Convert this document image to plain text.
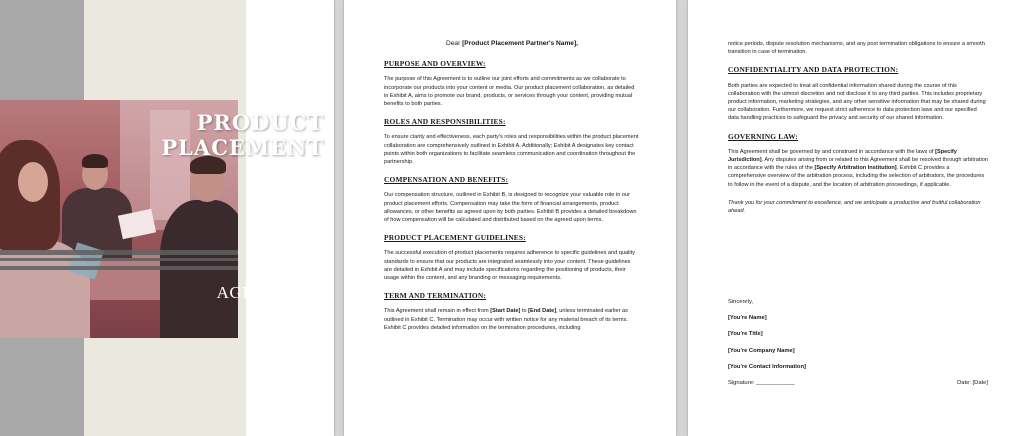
PRODUCT
PLACEMENT
AGREEMENT
Dear [Product Placement Partner's Name],
PURPOSE AND OVERVIEW:
The purpose of this Agreement is to outline our joint efforts and commitments as we collaborate to incorporate our products into your content or media. Our product placement collaboration, as detailed in Exhibit A, aims to promote our brand, products, or services through your content, providing mutual benefits to both parties.
ROLES AND RESPONSIBILITIES:
To ensure clarity and effectiveness, each party's roles and responsibilities within the product placement collaboration are comprehensively outlined in Exhibit A. Additionally; Exhibit A designates key contact points within both organizations to facilitate seamless communication and coordination throughout the partnership.
COMPENSATION AND BENEFITS:
Our compensation structure, outlined in Exhibit B, is designed to recognize your valuable role in our product placement efforts. Compensation may take the form of financial arrangements, product allowances, or other benefits as agreed upon by both parties. Exhibit B provides a detailed breakdown of how compensation will be calculated and distributed based on the agreed upon terms.
PRODUCT PLACEMENT GUIDELINES:
The successful execution of product placements requires adherence to specific guidelines and quality standards to ensure that our products are integrated seamlessly into your content. These guidelines are detailed in Exhibit A and may include specifications regarding the positioning of products, their usage within the content, and any branding or messaging requirements.
TERM AND TERMINATION:
This Agreement shall remain in effect from [Start Date] to [End Date], unless terminated earlier as outlined in Exhibit C. Termination may occur with written notice for any material breach of its terms. Exhibit C provides detailed information on the termination procedures, including
notice periods, dispute resolution mechanisms, and any post termination obligations to ensure a smooth transition in case of termination.
CONFIDENTIALITY AND DATA PROTECTION:
Both parties are expected to treat all confidential information shared during the course of this collaboration with the utmost discretion and not disclose it to any third parties. This includes proprietary product information, marketing strategies, and any other sensitive information that may be shared during our collaboration. Furthermore, we request strict adherence to data protection laws and our specified data handling practices to safeguard the privacy and security of our shared information.
GOVERNING LAW:
This Agreement shall be governed by and construed in accordance with the laws of [Specify Jurisdiction]. Any disputes arising from or related to this Agreement shall be resolved through arbitration in accordance with the rules of the [Specify Arbitration Institution]. Exhibit C provides a comprehensive overview of the arbitration process, including the selection of arbitrators, the procedures to follow in the event of a dispute, and the location of arbitration proceedings, if applicable.
Thank you for your commitment to excellence, and we anticipate a productive and fruitful collaboration ahead.
Sincerely,
[You're Name]
[You're Title]
[You're Company Name]
[You're Contact Information]
Signature: ____________	Date: [Date]
